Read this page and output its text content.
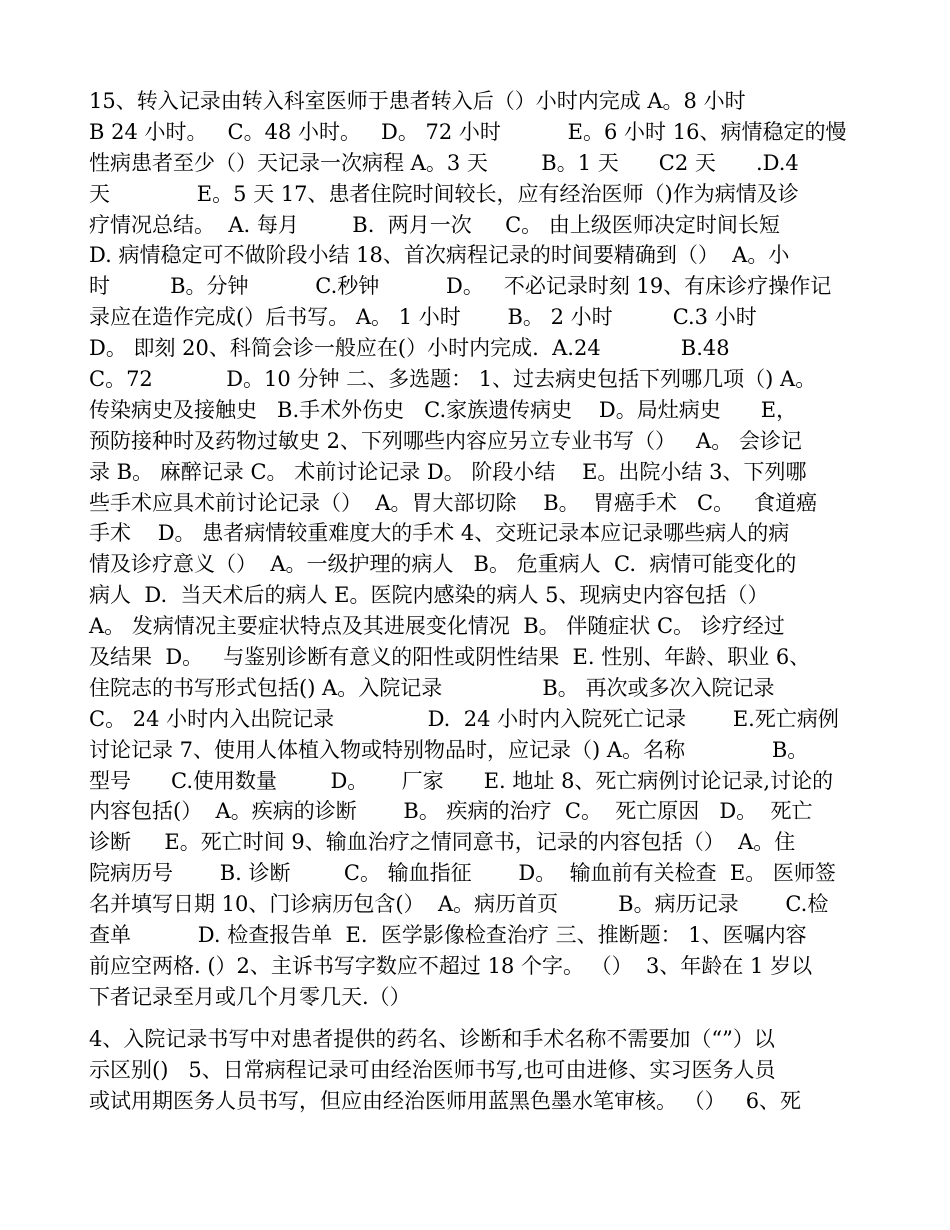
15、转入记录由转入科室医师于患者转入后（）小时内完成 A。8 小时
B 24 小时。   C。48 小时。   D。 72 小时          E。6 小时 16、病情稳定的慢
性病患者至少（）天记录一次病程 A。3 天        B。1 天      C2 天      .D.4
天             E。5 天 17、患者住院时间较长，应有经治医师（)作为病情及诊
疗情况总结。  A. 每月        B.  两月一次     C。 由上级医师决定时间长短
D. 病情稳定可不做阶段小结 18、首次病程记录的时间要精确到（）  A。小
时         B。分钟          C.秒钟          D。   不必记录时刻 19、有床诊疗操作记
录应在造作完成(）后书写。 A。 1 小时       B。 2 小时         C.3 小时
D。 即刻 20、科简会诊一般应在(）小时内完成.  A.24            B.48
C。72           D。10 分钟 二、多选题： 1、过去病史包括下列哪几项（) A。
传染病史及接触史   B.手术外伤史   C.家族遗传病史    D。局灶病史      E，
预防接种时及药物过敏史 2、下列哪些内容应另立专业书写（）   A。 会诊记
录 B。 麻醉记录 C。 术前讨论记录 D。 阶段小结    E。出院小结 3、下列哪
些手术应具术前讨论记录（）  A。胃大部切除    B。  胃癌手术   C。   食道癌
手术    D。 患者病情较重难度大的手术 4、交班记录本应记录哪些病人的病
情及诊疗意义（）  A。一级护理的病人   B。 危重病人  C.  病情可能变化的
病人  D.  当天术后的病人 E。医院内感染的病人 5、现病史内容包括（）
A。 发病情况主要症状特点及其进展变化情况  B。 伴随症状 C。 诊疗经过
及结果  D。   与鉴别诊断有意义的阳性或阴性结果  E. 性别、年龄、职业 6、
住院志的书写形式包括() A。入院记录               B。 再次或多次入院记录
C。 24 小时内入出院记录              D.  24 小时内入院死亡记录       E.死亡病例
讨论记录 7、使用人体植入物或特别物品时，应记录（) A。名称             B。
型号      C.使用数量        D。     厂家      E. 地址 8、死亡病例讨论记录,讨论的
内容包括(）  A。疾病的诊断       B。 疾病的治疗  C。  死亡原因   D。  死亡
诊断     E。死亡时间 9、输血治疗之情同意书，记录的内容包括（）  A。住
院病历号       B. 诊断        C。 输血指征       D。  输血前有关检查  E。 医师签
名并填写日期 10、门诊病历包含(）  A。病历首页         B。病历记录       C.检
查单          D. 检查报告单  E.  医学影像检查治疗 三、推断题： 1、医嘱内容
前应空两格. (）2、主诉书写字数应不超过 18 个字。 （）  3、年龄在 1 岁以
下者记录至月或几个月零几天.（）
4、入院记录书写中对患者提供的药名、诊断和手术名称不需要加（“”）以
示区别()   5、日常病程记录可由经治医师书写,也可由进修、实习医务人员
或试用期医务人员书写，但应由经治医师用蓝黑色墨水笔审核。 （）   6、死
